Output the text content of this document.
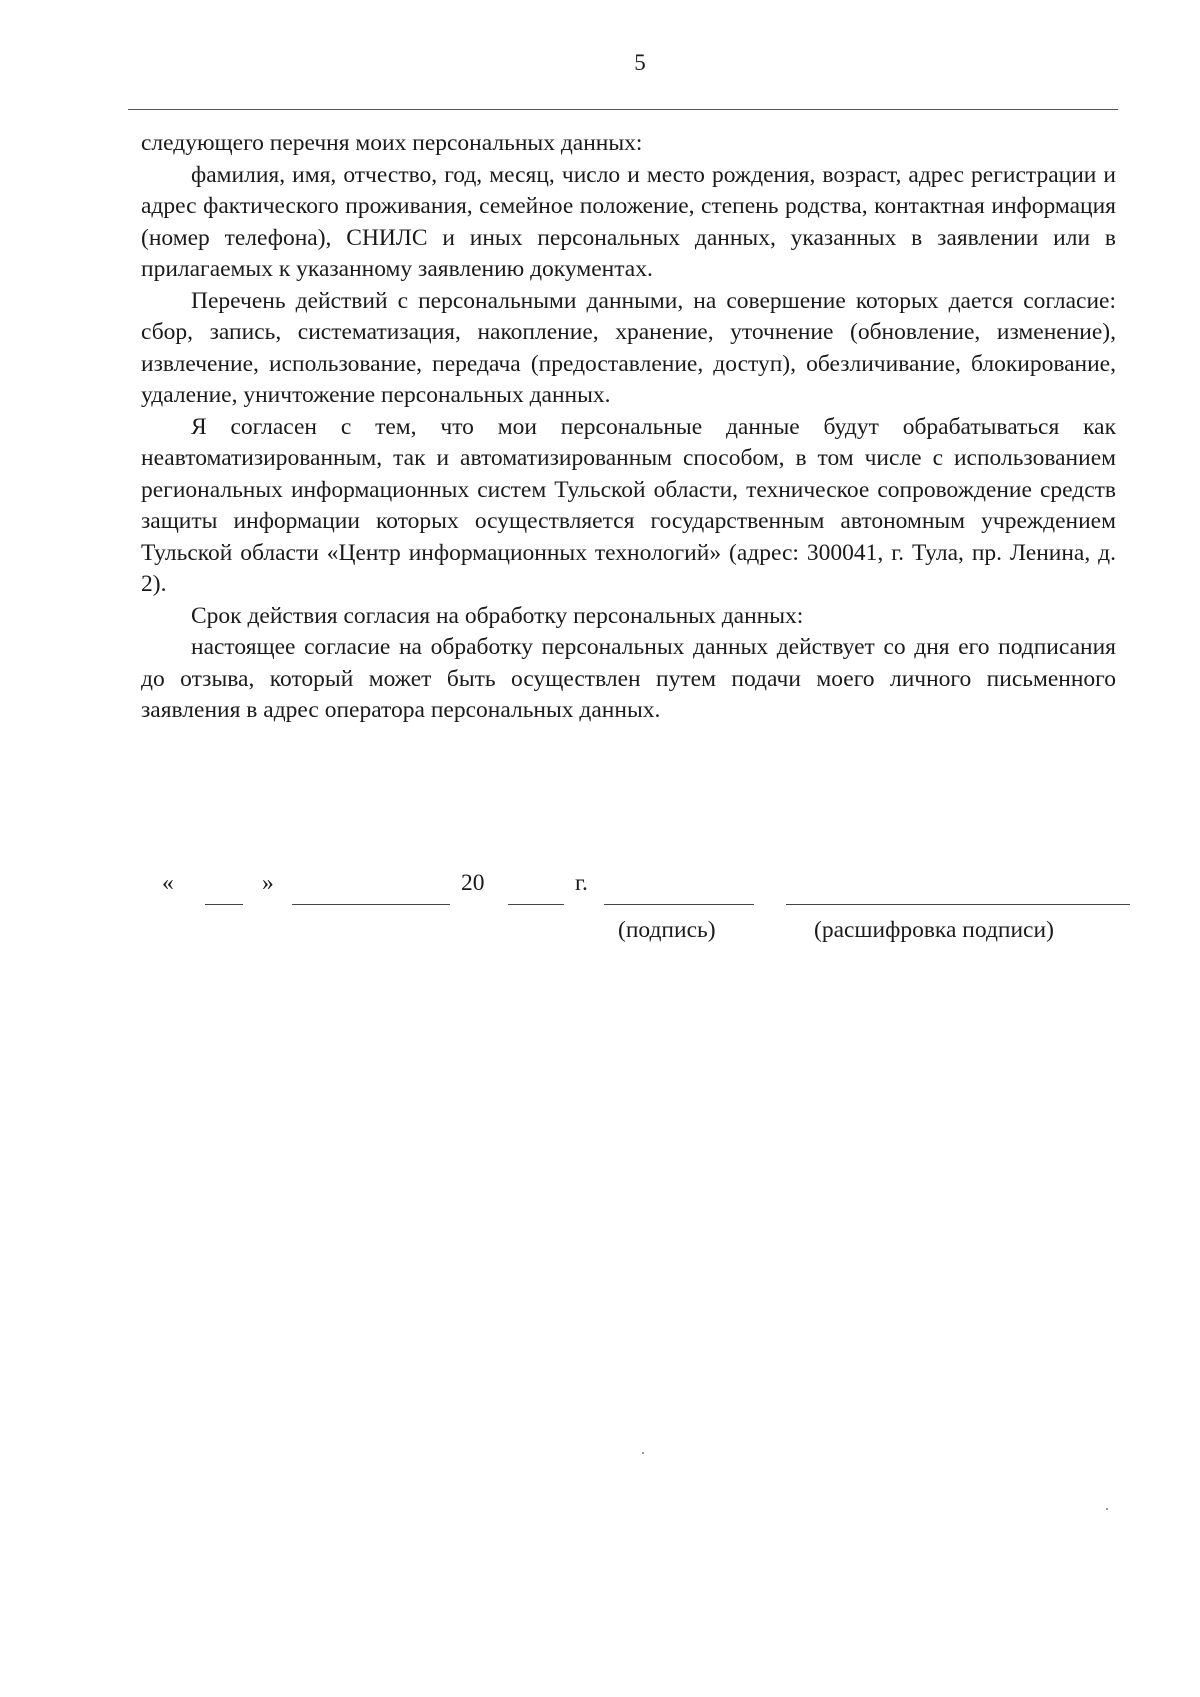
5

следующего перечня моих персональных данных:

фамилия, имя, отчество, год, месяц, число и место рождения, возраст, адрес регистрации и адрес фактического проживания, семейное положение, степень родства, контактная информация (номер телефона), СНИЛС и иных персональных данных, указанных в заявлении или в прилагаемых к указанному заявлению документах.

Перечень действий с персональными данными, на совершение которых дается согласие: сбор, запись, систематизация, накопление, хранение, уточнение (обновление, изменение), извлечение, использование, передача (предоставление, доступ), обезличивание, блокирование, удаление, уничтожение персональных данных.

Я согласен с тем, что мои персональные данные будут обрабатываться как неавтоматизированным, так и автоматизированным способом, в том числе с использованием региональных информационных систем Тульской области, техническое сопровождение средств защиты информации которых осуществляется государственным автономным учреждением Тульской области «Центр информационных технологий» (адрес: 300041, г. Тула, пр. Ленина, д. 2).

Срок действия согласия на обработку персональных данных:

настоящее согласие на обработку персональных данных действует со дня его подписания до отзыва, который может быть осуществлен путем подачи моего личного письменного заявления в адрес оператора персональных данных.

«	»	20	г.
(подпись)	(расшифровка подписи)
